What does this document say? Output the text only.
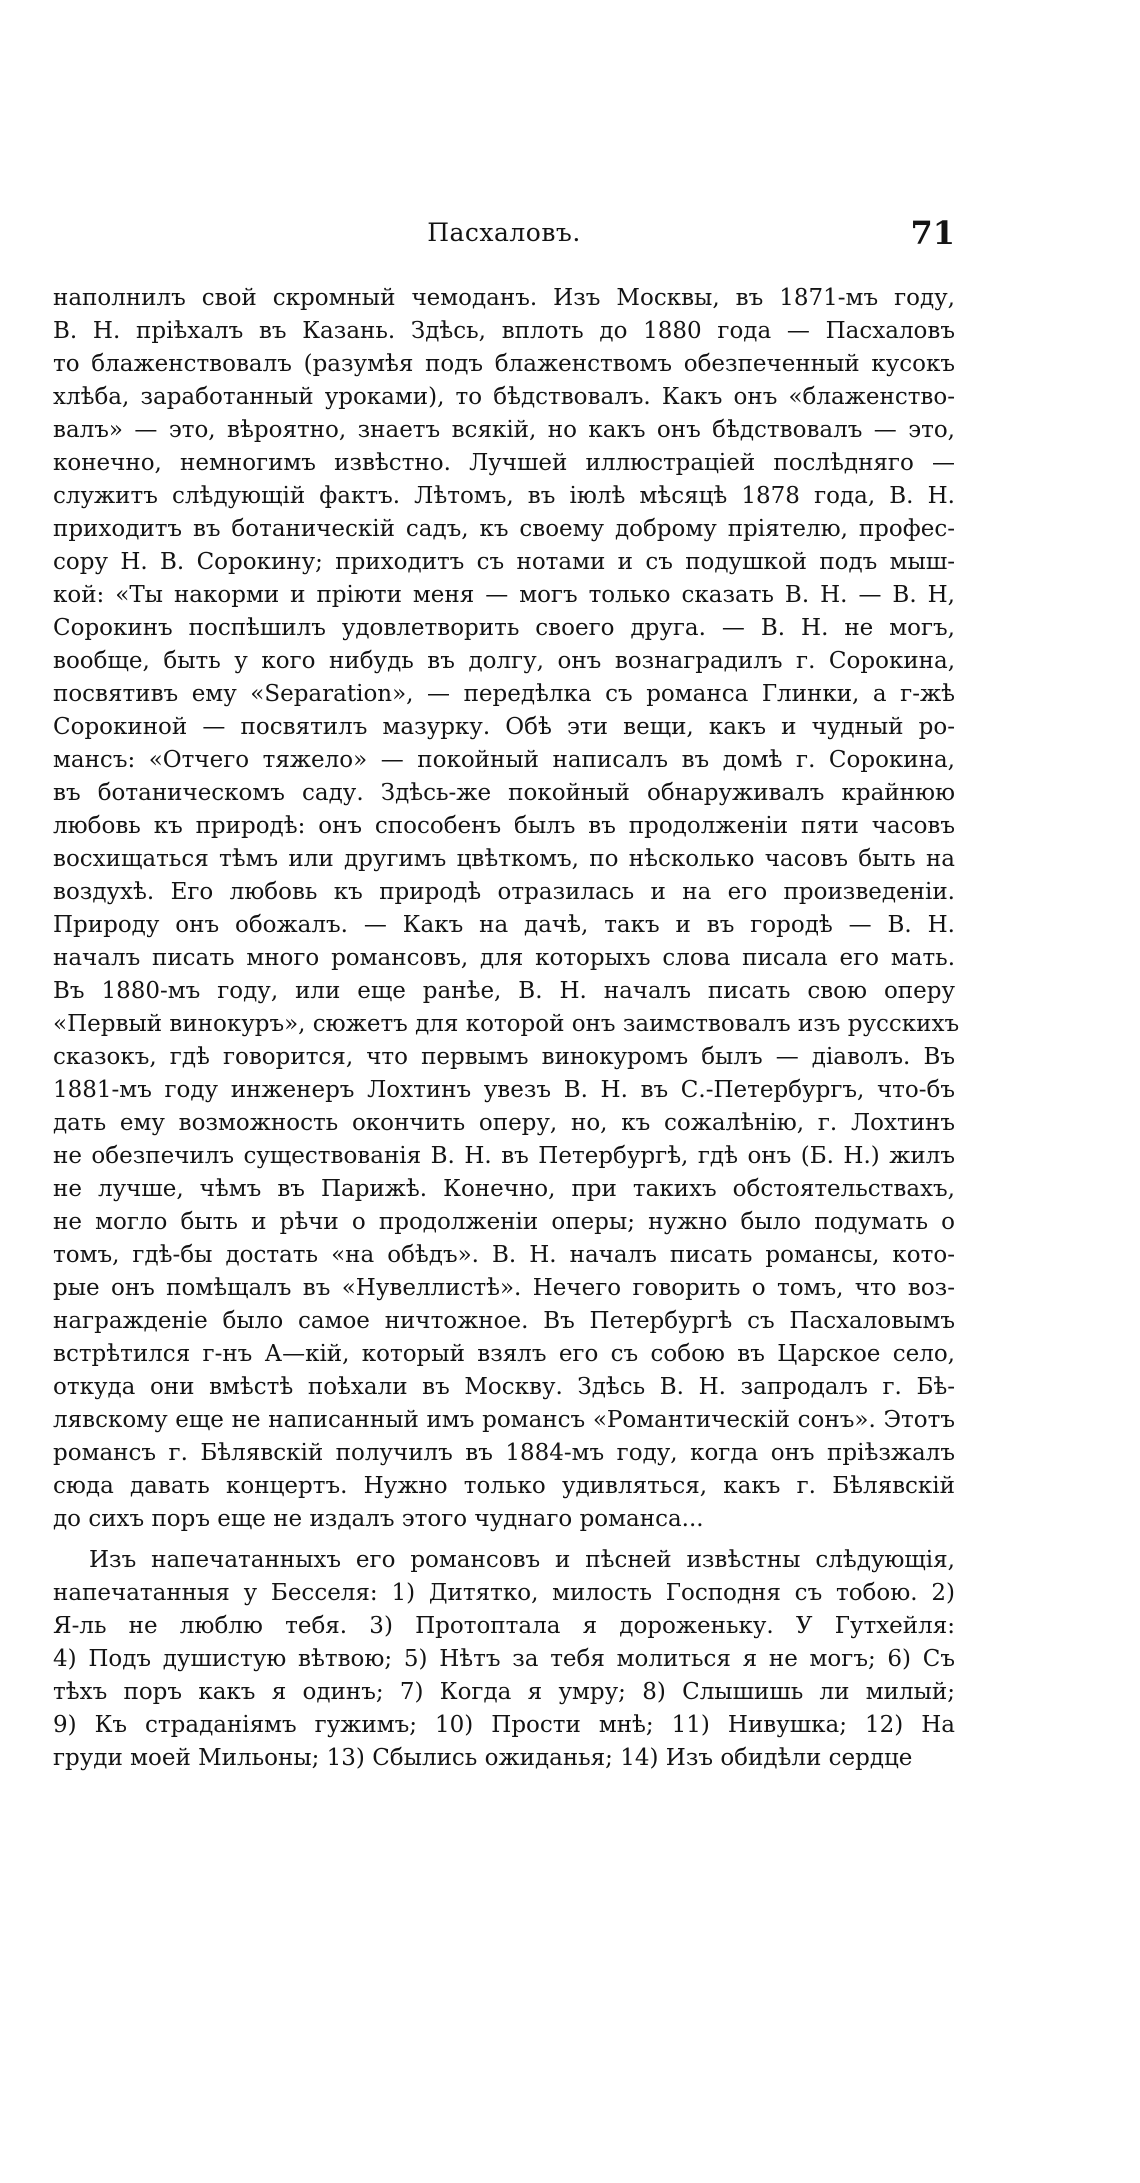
Пасхаловъ.	71
наполнилъ свой скромный чемоданъ. Изъ Москвы, въ 1871-мъ году,
В. Н. пріѣхалъ въ Казань. Здѣсь, вплоть до 1880 года — Пасхаловъ
то блаженствовалъ (разумѣя подъ блаженствомъ обезпеченный кусокъ
хлѣба, заработанный уроками), то бѣдствовалъ. Какъ онъ «блаженство-
валъ» — это, вѣроятно, знаетъ всякій, но какъ онъ бѣдствовалъ — это,
конечно, немногимъ извѣстно. Лучшей иллюстраціей послѣдняго —
служитъ слѣдующій фактъ. Лѣтомъ, въ іюлѣ мѣсяцѣ 1878 года, В. Н.
приходитъ въ ботаническій садъ, къ своему доброму пріятелю, профес-
сору Н. В. Сорокину; приходитъ съ нотами и съ подушкой подъ мыш-
кой: «Ты накорми и пріюти меня — могъ только сказать В. Н. — В. Н,
Сорокинъ поспѣшилъ удовлетворить своего друга. — В. Н. не могъ,
вообще, быть у кого нибудь въ долгу, онъ вознаградилъ г. Сорокина,
посвятивъ ему «Separation», — передѣлка съ романса Глинки, а г-жѣ
Сорокиной — посвятилъ мазурку. Обѣ эти вещи, какъ и чудный ро-
мансъ: «Отчего тяжело» — покойный написалъ въ домѣ г. Сорокина,
въ ботаническомъ саду. Здѣсь-же покойный обнаруживалъ крайнюю
любовь къ природѣ: онъ способенъ былъ въ продолженіи пяти часовъ
восхищаться тѣмъ или другимъ цвѣткомъ, по нѣсколько часовъ быть на
воздухѣ. Его любовь къ природѣ отразилась и на его произведеніи.
Природу онъ обожалъ. — Какъ на дачѣ, такъ и въ городѣ — В. Н.
началъ писать много романсовъ, для которыхъ слова писала его мать.
Въ 1880-мъ году, или еще ранѣе, В. Н. началъ писать свою оперу
«Первый винокуръ», сюжетъ для которой онъ заимствовалъ изъ русскихъ
сказокъ, гдѣ говорится, что первымъ винокуромъ былъ — діаволъ. Въ
1881-мъ году инженеръ Лохтинъ увезъ В. Н. въ С.-Петербургъ, что-бъ
дать ему возможность окончить оперу, но, къ сожалѣнію, г. Лохтинъ
не обезпечилъ существованія В. Н. въ Петербургѣ, гдѣ онъ (Б. Н.) жилъ
не лучше, чѣмъ въ Парижѣ. Конечно, при такихъ обстоятельствахъ,
не могло быть и рѣчи о продолженіи оперы; нужно было подумать о
томъ, гдѣ-бы достать «на обѣдъ». В. Н. началъ писать романсы, кото-
рые онъ помѣщалъ въ «Нувеллистѣ». Нечего говорить о томъ, что воз-
награжденіе было самое ничтожное. Въ Петербургѣ съ Пасхаловымъ
встрѣтился г-нъ А—кій, который взялъ его съ собою въ Царское село,
откуда они вмѣстѣ поѣхали въ Москву. Здѣсь В. Н. запродалъ г. Бѣ-
лявскому еще не написанный имъ романсъ «Романтическій сонъ». Этотъ
романсъ г. Бѣлявскій получилъ въ 1884-мъ году, когда онъ пріѣзжалъ
сюда давать концертъ. Нужно только удивляться, какъ г. Бѣлявскій
до сихъ поръ еще не издалъ этого чуднаго романса...
Изъ напечатанныхъ его романсовъ и пѣсней извѣстны слѣдующія,
напечатанныя у Бесселя: 1) Дитятко, милость Господня съ тобою. 2)
Я-ль не люблю тебя. 3) Протоптала я дороженьку. У Гутхейля:
4) Подъ душистую вѣтвою; 5) Нѣтъ за тебя молиться я не могъ; 6) Съ
тѣхъ поръ какъ я одинъ; 7) Когда я умру; 8) Слышишь ли милый;
9) Къ страданіямъ гужимъ; 10) Прости мнѣ; 11) Нивушка; 12) На
груди моей Мильоны; 13) Сбылись ожиданья; 14) Изъ обидѣли сердце
